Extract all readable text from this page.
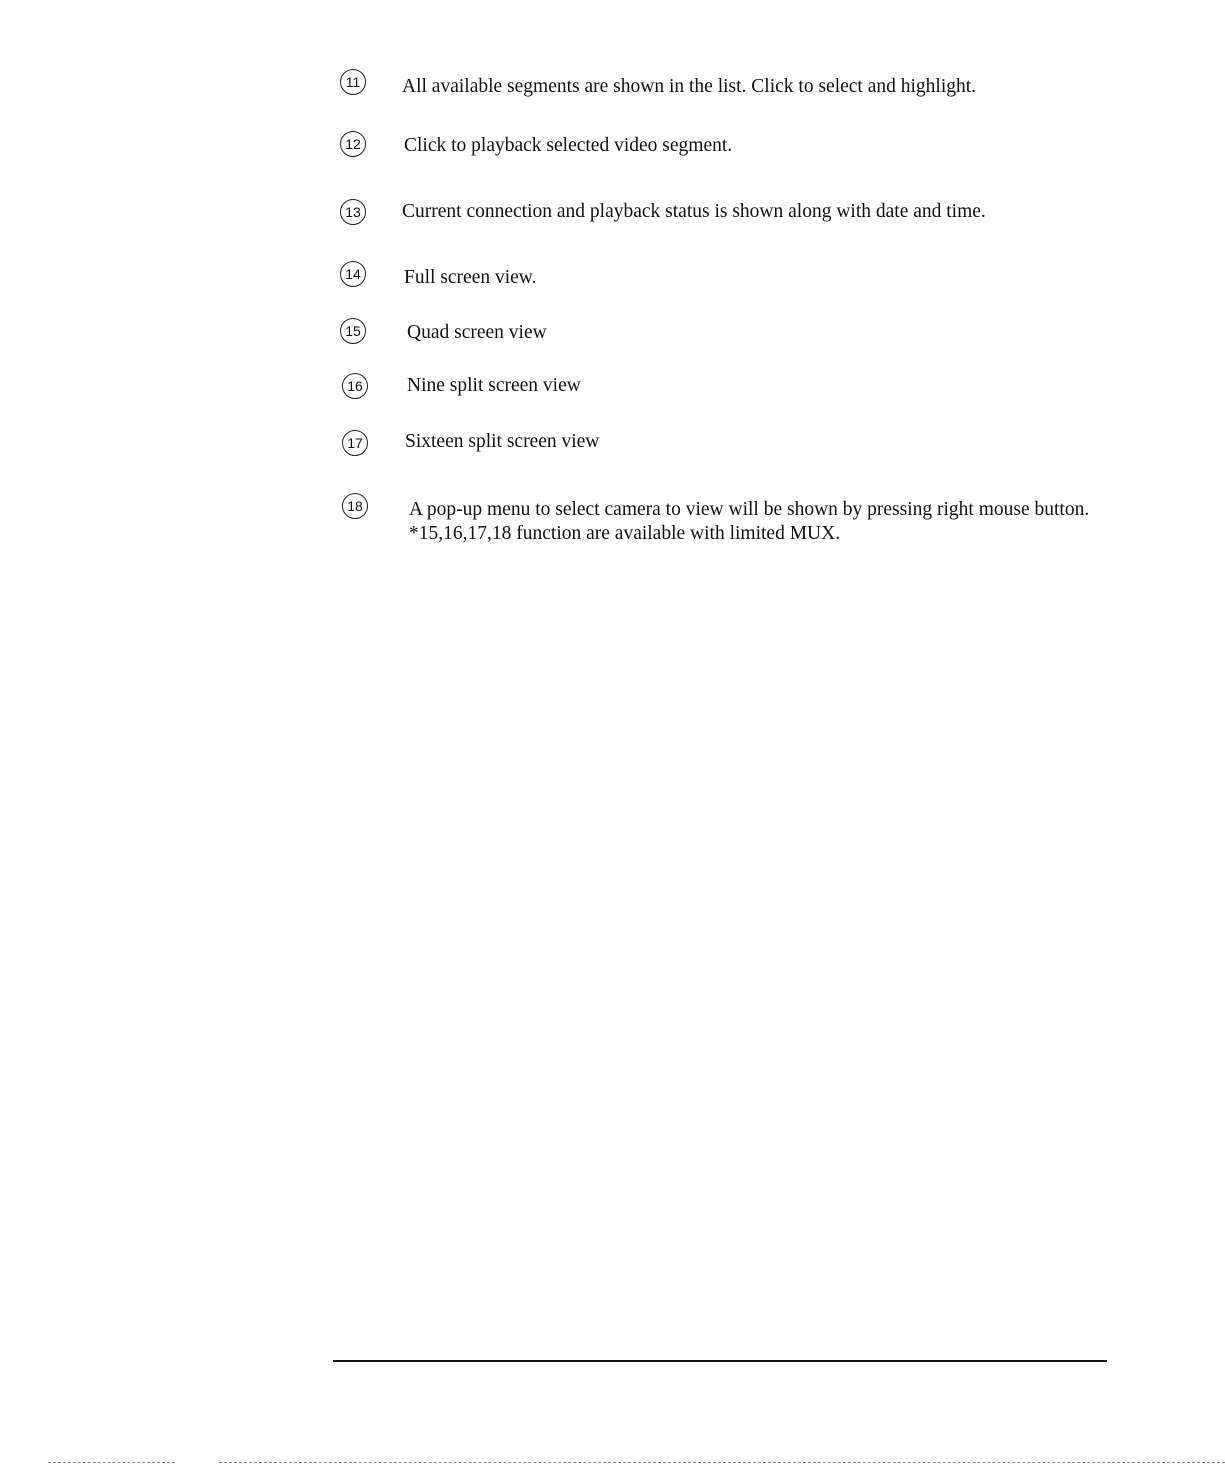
11 All available segments are shown in the list. Click to select and highlight.
12 Click to playback selected video segment.
13 Current connection and playback status is shown along with date and time.
14 Full screen view.
15 Quad screen view
16 Nine split screen view
17 Sixteen split screen view
18 A pop-up menu to select camera to view will be shown by pressing right mouse button.
*15,16,17,18 function are available with limited MUX.
